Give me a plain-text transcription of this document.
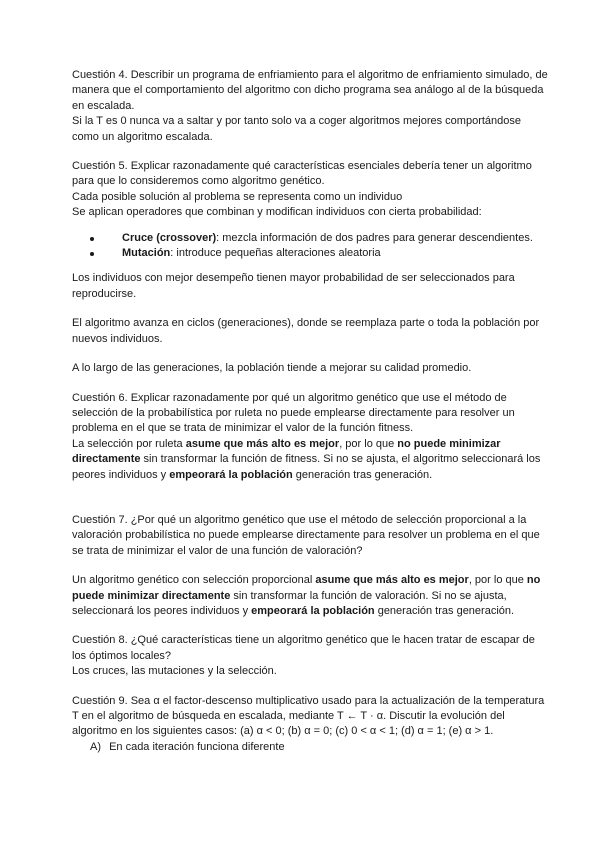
Cuestión 4. Describir un programa de enfriamiento para el algoritmo de enfriamiento simulado, de manera que el comportamiento del algoritmo con dicho programa sea análogo al de la búsqueda en escalada.

Si la T es 0 nunca va a saltar y por tanto solo va a coger algoritmos mejores comportándose como un algoritmo escalada.

Cuestión 5. Explicar razonadamente qué características esenciales debería tener un algoritmo para que lo consideremos como algoritmo genético.

Cada posible solución al problema se representa como un individuo

Se aplican operadores que combinan y modifican individuos con cierta probabilidad:

Cruce (crossover): mezcla información de dos padres para generar descendientes.
Mutación: introduce pequeñas alteraciones aleatoria

Los individuos con mejor desempeño tienen mayor probabilidad de ser seleccionados para reproducirse.

El algoritmo avanza en ciclos (generaciones), donde se reemplaza parte o toda la población por nuevos individuos.

A lo largo de las generaciones, la población tiende a mejorar su calidad promedio.

Cuestión 6. Explicar razonadamente por qué un algoritmo genético que use el método de selección de la probabilística por ruleta no puede emplearse directamente para resolver un problema en el que se trata de minimizar el valor de la función fitness.

La selección por ruleta asume que más alto es mejor, por lo que no puede minimizar directamente sin transformar la función de fitness. Si no se ajusta, el algoritmo seleccionará los peores individuos y empeorará la población generación tras generación.

Cuestión 7. ¿Por qué un algoritmo genético que use el método de selección proporcional a la valoración probabilística no puede emplearse directamente para resolver un problema en el que se trata de minimizar el valor de una función de valoración?

Un algoritmo genético con selección proporcional asume que más alto es mejor, por lo que no puede minimizar directamente sin transformar la función de valoración. Si no se ajusta, seleccionará los peores individuos y empeorará la población generación tras generación.

Cuestión 8. ¿Qué características tiene un algoritmo genético que le hacen tratar de escapar de los óptimos locales?

Los cruces, las mutaciones y la selección.

Cuestión 9. Sea α el factor-descenso multiplicativo usado para la actualización de la temperatura T en el algoritmo de búsqueda en escalada, mediante T ← T · α. Discutir la evolución del algoritmo en los siguientes casos: (a) α < 0; (b) α = 0; (c) 0 < α < 1; (d) α = 1; (e) α > 1.

A) En cada iteración funciona diferente
